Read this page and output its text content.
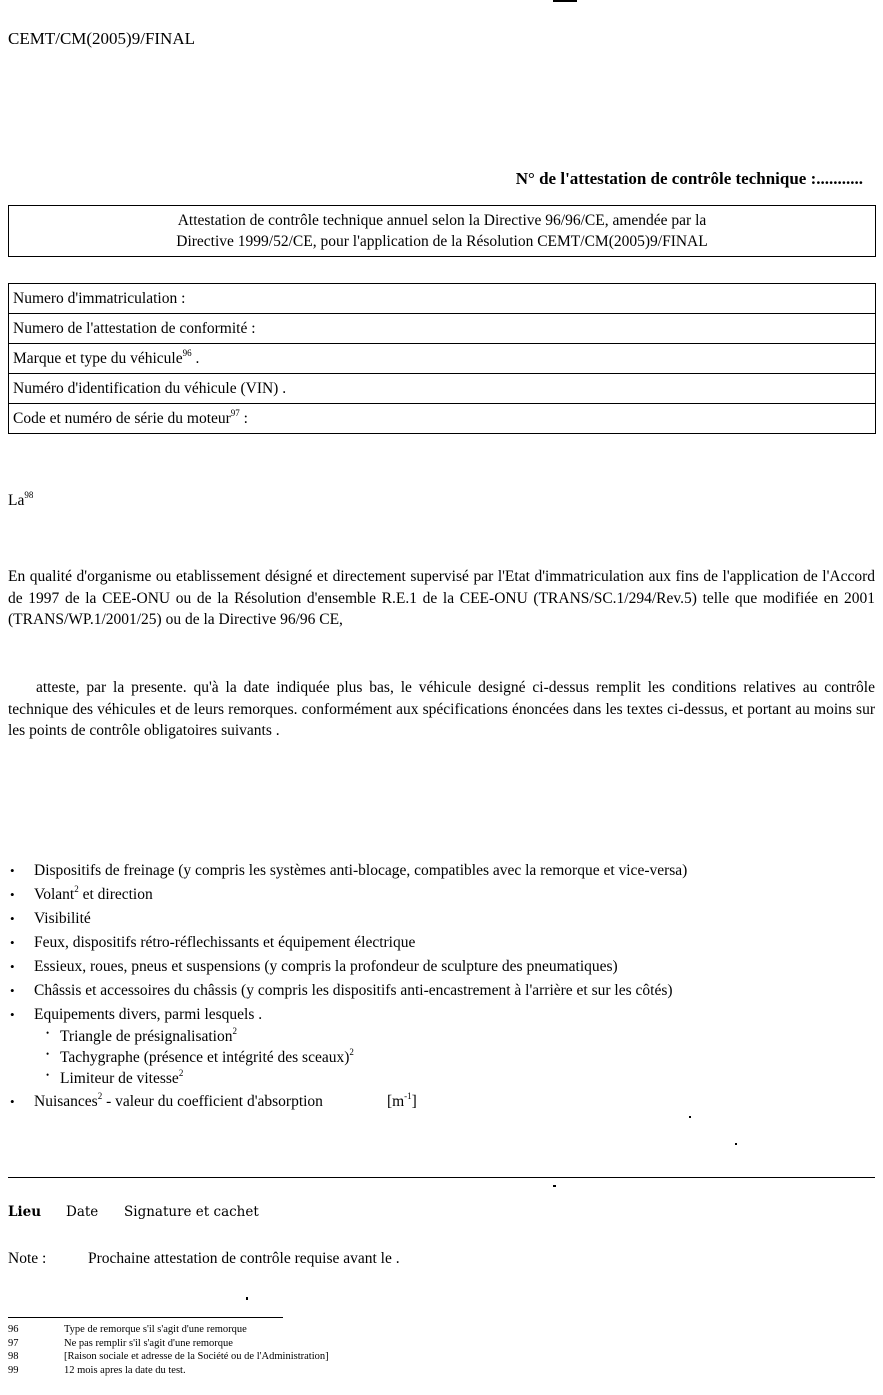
CEMT/CM(2005)9/FINAL
N° de l'attestation de contrôle technique :...........
Attestation de contrôle technique annuel selon la Directive 96/96/CE, amendée par la
Directive 1999/52/CE, pour l'application de la Résolution CEMT/CM(2005)9/FINAL
Numero d'immatriculation :
Numero de l'attestation de conformité :
Marque et type du véhicule$^{96}$ .
Numéro d'identification du véhicule (VIN) .
Code et numéro de série du moteur$^{97}$ :
La$^{98}$

En qualité d'organisme ou etablissement désigné et directement supervisé par l'Etat d'immatriculation aux fins de l'application de l'Accord de 1997 de la CEE-ONU ou de la Résolution d'ensemble R.E.1 de la CEE-ONU (TRANS/SC.1/294/Rev.5) telle que modifiée en 2001 (TRANS/WP.1/2001/25) ou de la Directive 96/96 CE,

atteste, par la presente. qu'à la date indiquée plus bas, le véhicule designé ci-dessus remplit les conditions relatives au contrôle technique des véhicules et de leurs remorques. conformément aux spécifications énoncées dans les textes ci-dessus, et portant au moins sur les points de contrôle obligatoires suivants .

• Dispositifs de freinage (y compris les systèmes anti-blocage, compatibles avec la remorque et vice-versa)
• Volant$^2$ et direction
• Visibilité
• Feux, dispositifs rétro-réflechissants et équipement électrique
• Essieux, roues, pneus et suspensions (y compris la profondeur de sculpture des pneumatiques)
• Châssis et accessoires du châssis (y compris les dispositifs anti-encastrement à l'arrière et sur les côtés)
• Equipements divers, parmi lesquels .
• Triangle de présignalisation$^2$
• Tachygraphe (présence et intégrité des sceaux)$^2$
• Limiteur de vitesse$^2$
• Nuisances$^2$ - valeur du coefficient d'absorption	$[m^{-1}]$
Lieu Date Signature et cachet
Note :	Prochaine attestation de contrôle requise avant le .
96	Type de remorque s'il s'agit d'une remorque
97	Ne pas remplir s'il s'agit d'une remorque
98	[Raison sociale et adresse de la Société ou de l'Administration]
99	12 mois apres la date du test.
